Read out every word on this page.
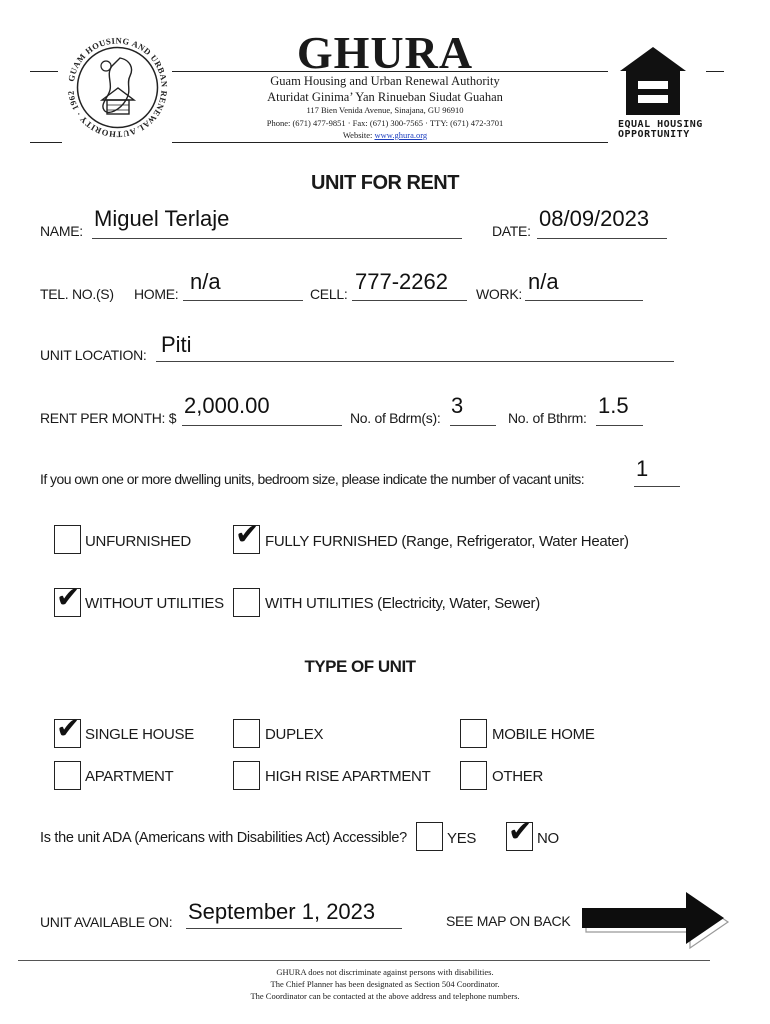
GUAM HOUSING AND URBAN RENEWAL AUTHORITY · 1962
GHURA
Guam Housing and Urban Renewal Authority
Aturidat Ginima’ Yan Rinueban Siudat Guahan
117 Bien Venida Avenue, Sinajana, GU 96910
Phone: (671) 477-9851 · Fax: (671) 300-7565 · TTY: (671) 472-3701
Website: www.ghura.org
EQUAL HOUSING
OPPORTUNITY
UNIT FOR RENT
NAME: Miguel Terlaje	DATE: 08/09/2023
TEL. NO.(S) HOME: n/a	CELL: 777-2262 WORK: n/a
UNIT LOCATION: Piti
RENT PER MONTH: $ 2,000.00	No. of Bdrm(s): 3	No. of Bthrm: 1.5
If you own one or more dwelling units, bedroom size, please indicate the number of vacant units: 1
UNFURNISHED ✔ FULLY FURNISHED (Range, Refrigerator, Water Heater)
✔ WITHOUT UTILITIES	WITH UTILITIES (Electricity, Water, Sewer)
TYPE OF UNIT
✔ SINGLE HOUSE	DUPLEX	MOBILE HOME
APARTMENT	HIGH RISE APARTMENT	OTHER
Is the unit ADA (Americans with Disabilities Act) Accessible?	YES ✔ NO
UNIT AVAILABLE ON: September 1, 2023	SEE MAP ON BACK
GHURA does not discriminate against persons with disabilities.
The Chief Planner has been designated as Section 504 Coordinator.
The Coordinator can be contacted at the above address and telephone numbers.
